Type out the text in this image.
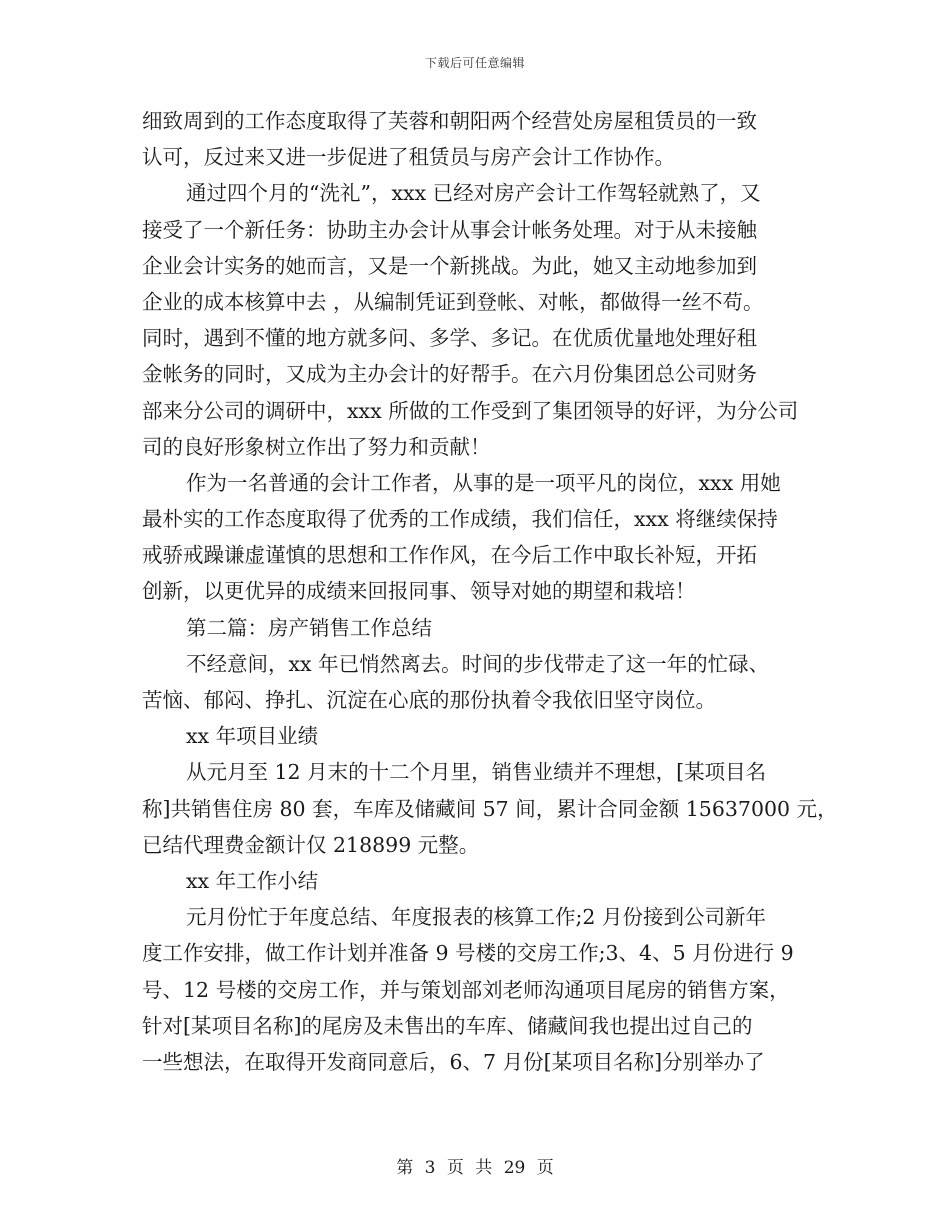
下载后可任意编辑
细致周到的工作态度取得了芙蓉和朝阳两个经营处房屋租赁员的一致
认可，反过来又进一步促进了租赁员与房产会计工作协作。
通过四个月的“洗礼”，xxx 已经对房产会计工作驾轻就熟了，又
接受了一个新任务：协助主办会计从事会计帐务处理。对于从未接触
企业会计实务的她而言，又是一个新挑战。为此，她又主动地参加到
企业的成本核算中去 ，从编制凭证到登帐、对帐，都做得一丝不苟。
同时，遇到不懂的地方就多问、多学、多记。在优质优量地处理好租
金帐务的同时，又成为主办会计的好帮手。在六月份集团总公司财务
部来分公司的调研中，xxx 所做的工作受到了集团领导的好评，为分公司
司的良好形象树立作出了努力和贡献！
作为一名普通的会计工作者，从事的是一项平凡的岗位，xxx 用她
最朴实的工作态度取得了优秀的工作成绩，我们信任，xxx 将继续保持
戒骄戒躁谦虚谨慎的思想和工作作风，在今后工作中取长补短，开拓
创新，以更优异的成绩来回报同事、领导对她的期望和栽培！
第二篇：房产销售工作总结
不经意间，xx 年已悄然离去。时间的步伐带走了这一年的忙碌、
苦恼、郁闷、挣扎、沉淀在心底的那份执着令我依旧坚守岗位。
xx 年项目业绩
从元月至 12 月末的十二个月里，销售业绩并不理想，[某项目名
称]共销售住房 80 套，车库及储藏间 57 间，累计合同金额 15637000 元，
已结代理费金额计仅 218899 元整。
xx 年工作小结
元月份忙于年度总结、年度报表的核算工作;2 月份接到公司新年
度工作安排，做工作计划并准备 9 号楼的交房工作;3、4、5 月份进行 9
号、12 号楼的交房工作，并与策划部刘老师沟通项目尾房的销售方案，
针对[某项目名称]的尾房及未售出的车库、储藏间我也提出过自己的
一些想法，在取得开发商同意后，6、7 月份[某项目名称]分别举办了
第 3 页 共 29 页
